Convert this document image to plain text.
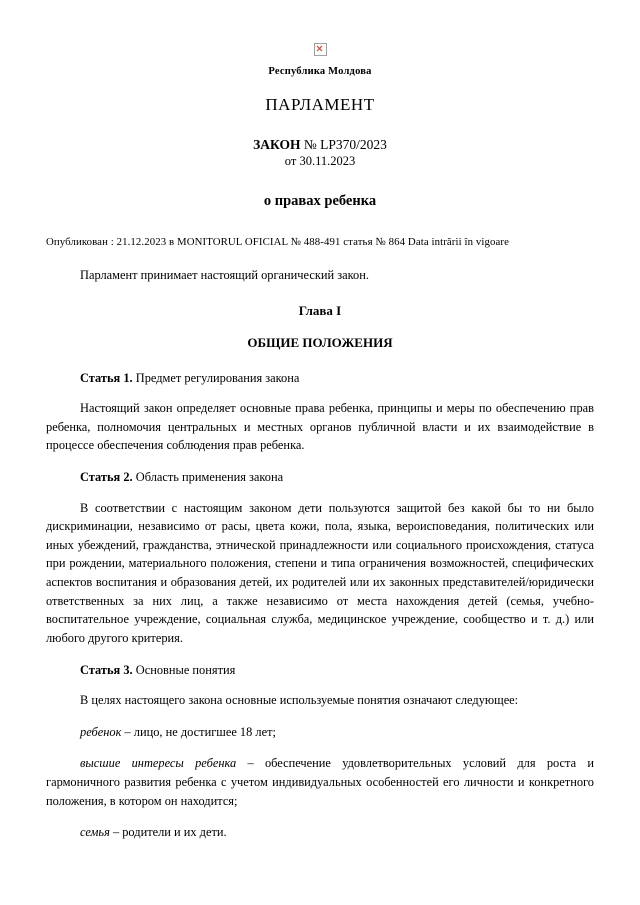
Республика Молдова
ПАРЛАМЕНТ
ЗАКОН № LP370/2023
от 30.11.2023
о правах ребенка
Опубликован : 21.12.2023 в MONITORUL OFICIAL № 488-491 статья № 864 Data intrării în vigoare
Парламент принимает настоящий органический закон.
Глава I
ОБЩИЕ ПОЛОЖЕНИЯ
Статья 1. Предмет регулирования закона
Настоящий закон определяет основные права ребенка, принципы и меры по обеспечению прав ребенка, полномочия центральных и местных органов публичной власти и их взаимодействие в процессе обеспечения соблюдения прав ребенка.
Статья 2. Область применения закона
В соответствии с настоящим законом дети пользуются защитой без какой бы то ни было дискриминации, независимо от расы, цвета кожи, пола, языка, вероисповедания, политических или иных убеждений, гражданства, этнической принадлежности или социального происхождения, статуса при рождении, материального положения, степени и типа ограничения возможностей, специфических аспектов воспитания и образования детей, их родителей или их законных представителей/юридически ответственных за них лиц, а также независимо от места нахождения детей (семья, учебно-воспитательное учреждение, социальная служба, медицинское учреждение, сообщество и т. д.) или любого другого критерия.
Статья 3. Основные понятия
В целях настоящего закона основные используемые понятия означают следующее:
ребенок – лицо, не достигшее 18 лет;
высшие интересы ребенка – обеспечение удовлетворительных условий для роста и гармоничного развития ребенка с учетом индивидуальных особенностей его личности и конкретного положения, в котором он находится;
семья – родители и их дети.
